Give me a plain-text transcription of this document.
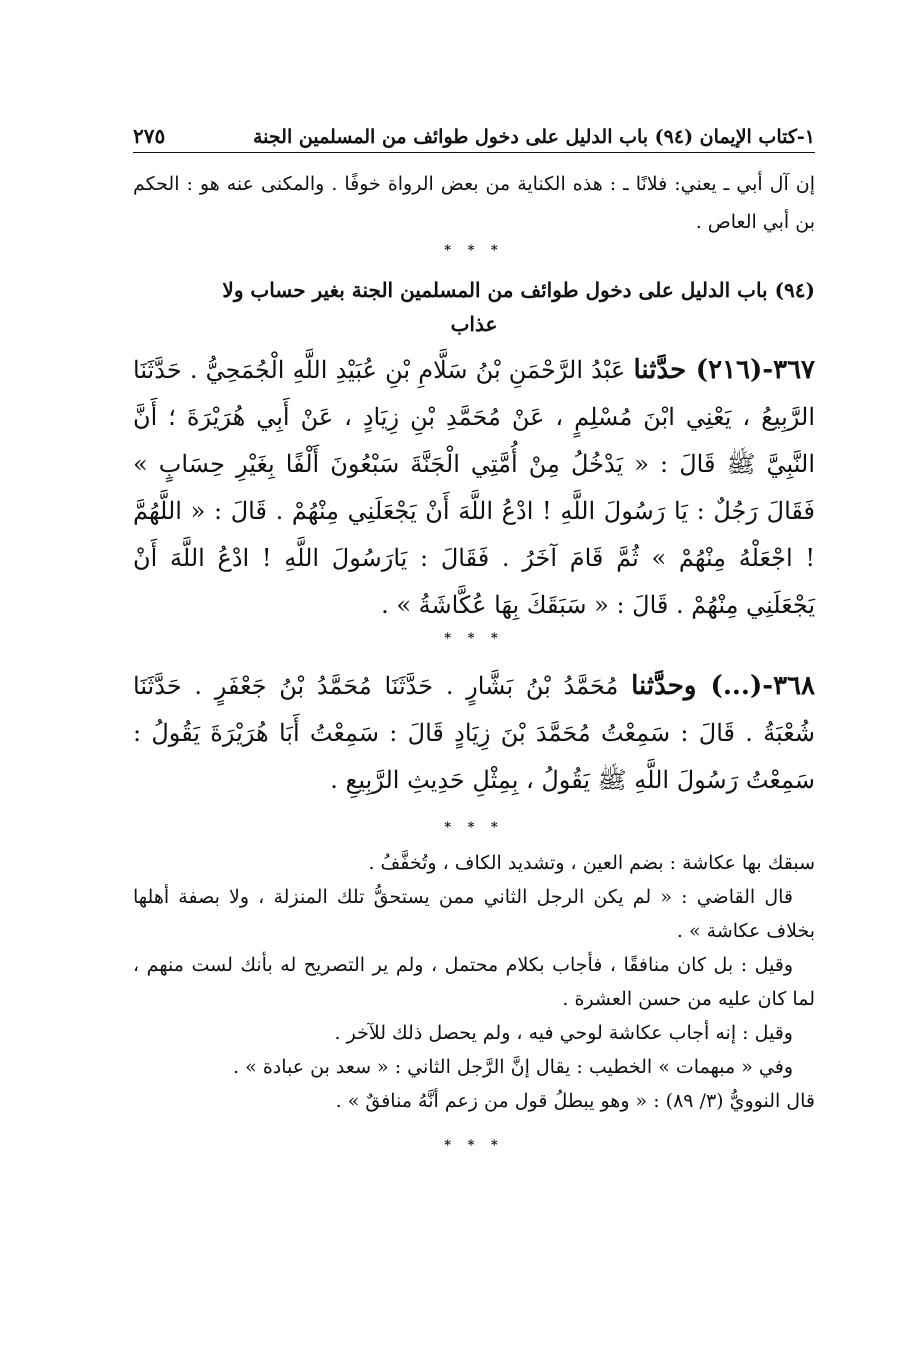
١-كتاب الإيمان (٩٤) باب الدليل على دخول طوائف من المسلمين الجنة
٢٧٥

إن آل أبي ـ يعني: فلانًا ـ : هذه الكناية من بعض الرواة خوفًا . والمكنى عنه هو : الحكم بن أبي العاص .

* * *

(٩٤) باب الدليل على دخول طوائف من المسلمين الجنة بغير حساب ولا
عذاب

٣٦٧-(٢١٦) حدَّثنا عَبْدُ الرَّحْمَنِ بْنُ سَلَّامِ بْنِ عُبَيْدِ اللَّهِ الْجُمَحِيُّ . حَدَّثَنَا الرَّبِيعُ ، يَعْنِي ابْنَ مُسْلِمٍ ، عَنْ مُحَمَّدِ بْنِ زِيَادٍ ، عَنْ أَبِي هُرَيْرَةَ ؛ أَنَّ النَّبِيَّ ﷺ قَالَ : « يَدْخُلُ مِنْ أُمَّتِي الْجَنَّةَ سَبْعُونَ أَلْفًا بِغَيْرِ حِسَابٍ » فَقَالَ رَجُلٌ : يَا رَسُولَ اللَّهِ ! ادْعُ اللَّهَ أَنْ يَجْعَلَنِي مِنْهُمْ . قَالَ : « اللَّهُمَّ ! اجْعَلْهُ مِنْهُمْ » ثُمَّ قَامَ آخَرُ . فَقَالَ : يَارَسُولَ اللَّهِ ! ادْعُ اللَّهَ أَنْ يَجْعَلَنِي مِنْهُمْ . قَالَ : « سَبَقَكَ بِهَا عُكَّاشَةُ » .

* * *

٣٦٨-(...) وحدَّثنا مُحَمَّدُ بْنُ بَشَّارٍ . حَدَّثَنَا مُحَمَّدُ بْنُ جَعْفَرٍ . حَدَّثَنَا شُعْبَةُ . قَالَ : سَمِعْتُ مُحَمَّدَ بْنَ زِيَادٍ قَالَ : سَمِعْتُ أَبَا هُرَيْرَةَ يَقُولُ : سَمِعْتُ رَسُولَ اللَّهِ ﷺ يَقُولُ ، بِمِثْلِ حَدِيثِ الرَّبِيعِ .

* * *

سبقك بها عكاشة : بضم العين ، وتشديد الكاف ، وتُخفَّفُ .

قال القاضي : « لم يكن الرجل الثاني ممن يستحقُّ تلك المنزلة ، ولا بصفة أهلها بخلاف عكاشة » .

وقيل : بل كان منافقًا ، فأجاب بكلام محتمل ، ولم ير التصريح له بأنك لست منهم ، لما كان عليه من حسن العشرة .

وقيل : إنه أجاب عكاشة لوحي فيه ، ولم يحصل ذلك للآخر .

وفي « مبهمات » الخطيب : يقال إنَّ الرَّجل الثاني : « سعد بن عبادة » .

قال النوويُّ (٣/ ٨٩) : « وهو يبطلُ قول من زعم أنَّهُ منافقٌ » .

* * *
